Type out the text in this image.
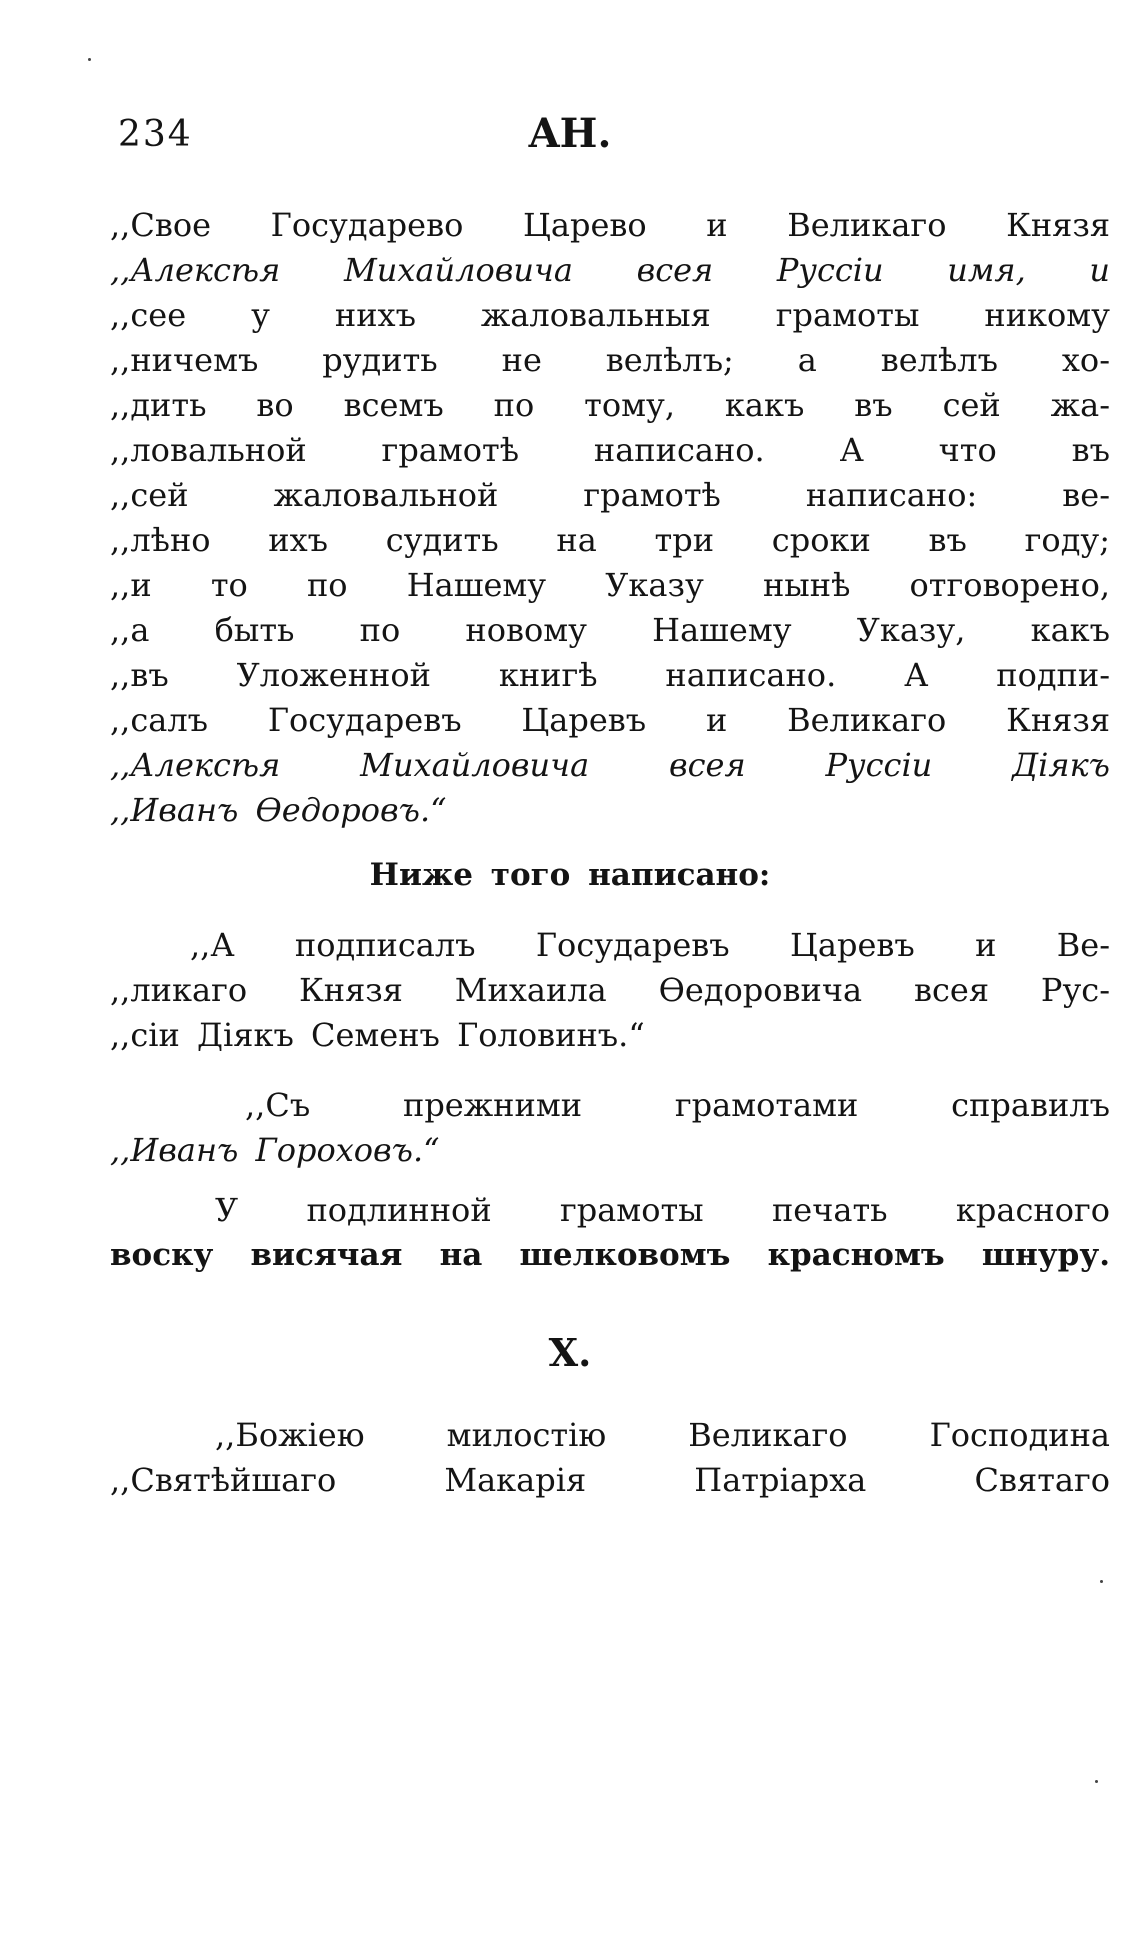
234	AH.
,,Свое Государево Царево и Великаго Князя
,,Алексѣя Михайловича всея Руссіи имя, и
,,сее у нихъ жаловальныя грамоты никому
,,ничемъ рудить не велѣлъ; а велѣлъ хо-
,,дить во всемъ по тому, какъ въ сей жа-
,,ловальной грамотѣ написано. А что въ
,,сей жаловальной грамотѣ написано: ве-
,,лѣно ихъ судить на три сроки въ году;
,,и то по Нашему Указу нынѣ отговорено,
,,а быть по новому Нашему Указу, какъ
,,въ Уложенной книгѣ написано. А подпи-
,,салъ Государевъ Царевъ и Великаго Князя
,,Алексѣя Михайловича всея Руссіи Діякъ
,,Иванъ Өедоровъ.“
Ниже того написано:
,,А подписалъ Государевъ Царевъ и Ве-
,,ликаго Князя Михаила Өедоровича всея Рус-
,,сіи Діякъ Семенъ Головинъ.“
,,Съ прежними грамотами справилъ
,,Иванъ Гороховъ.“
У подлинной грамоты печать красного
воску висячая на шелковомъ красномъ шнуру.
X.
,,Божіею милостію Великаго Господина
,,Святѣйшаго Макарія Патріарха Святаго
